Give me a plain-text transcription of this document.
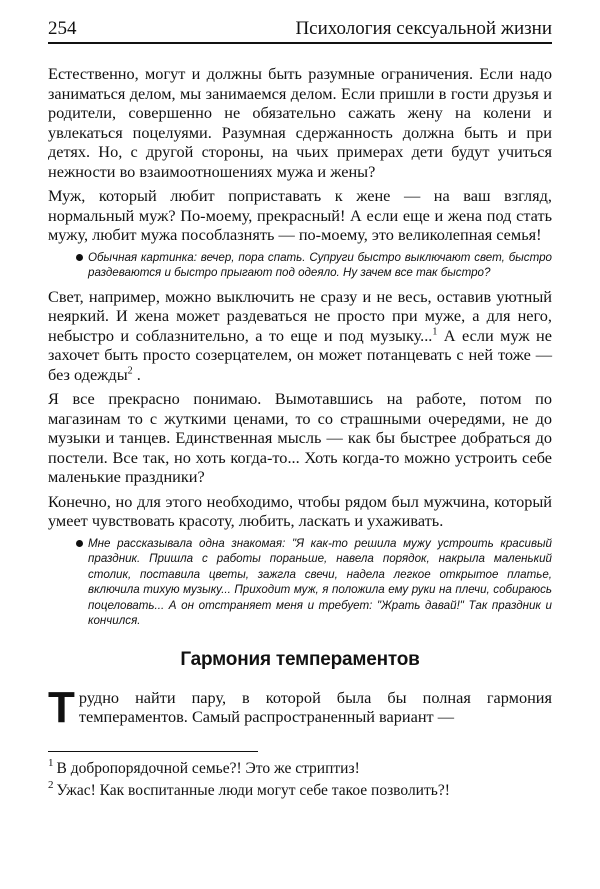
254	Психология сексуальной жизни

Естественно, могут и должны быть разумные ограничения. Если надо заниматься делом, мы занимаемся делом. Если пришли в гости друзья и родители, совершенно не обязательно сажать жену на колени и увлекаться поцелуями. Разумная сдержанность должна быть и при детях. Но, с другой стороны, на чьих примерах дети будут учиться нежности во взаимоотношениях мужа и жены?

Муж, который любит поприставать к жене — на ваш взгляд, нормальный муж? По-моему, прекрасный! А если еще и жена под стать мужу, любит мужа пособлазнять — по-моему, это великолепная семья!

Обычная картинка: вечер, пора спать. Супруги быстро выключают свет, быстро раздеваются и быстро прыгают под одеяло. Ну зачем все так быстро?

Свет, например, можно выключить не сразу и не весь, оставив уютный неяркий. И жена может раздеваться не просто при муже, а для него, небыстро и соблазнительно, а то еще и под музыку...$^1$ А если муж не захочет быть просто созерцателем, он может потанцевать с ней тоже — без одежды$^2$ .

Я все прекрасно понимаю. Вымотавшись на работе, потом по магазинам то с жуткими ценами, то со страшными очередями, не до музыки и танцев. Единственная мысль — как бы быстрее добраться до постели. Все так, но хоть когда-то... Хоть когда-то можно устроить себе маленькие праздники?

Конечно, но для этого необходимо, чтобы рядом был мужчина, который умеет чувствовать красоту, любить, ласкать и ухаживать.

Мне рассказывала одна знакомая: "Я как-то решила мужу устроить красивый праздник. Пришла с работы пораньше, навела порядок, накрыла маленький столик, поставила цветы, зажгла свечи, надела легкое открытое платье, включила тихую музыку... Приходит муж, я положила ему руки на плечи, собираюсь поцеловать... А он отстраняет меня и требует: "Жрать давай!" Так праздник и кончился.
Гармония темпераментов

Трудно найти пару, в которой была бы полная гармония темпераментов. Самый распространенный вариант —

$^1$ В добропорядочной семье?! Это же стриптиз!

$^2$ Ужас! Как воспитанные люди могут себе такое позволить?!
